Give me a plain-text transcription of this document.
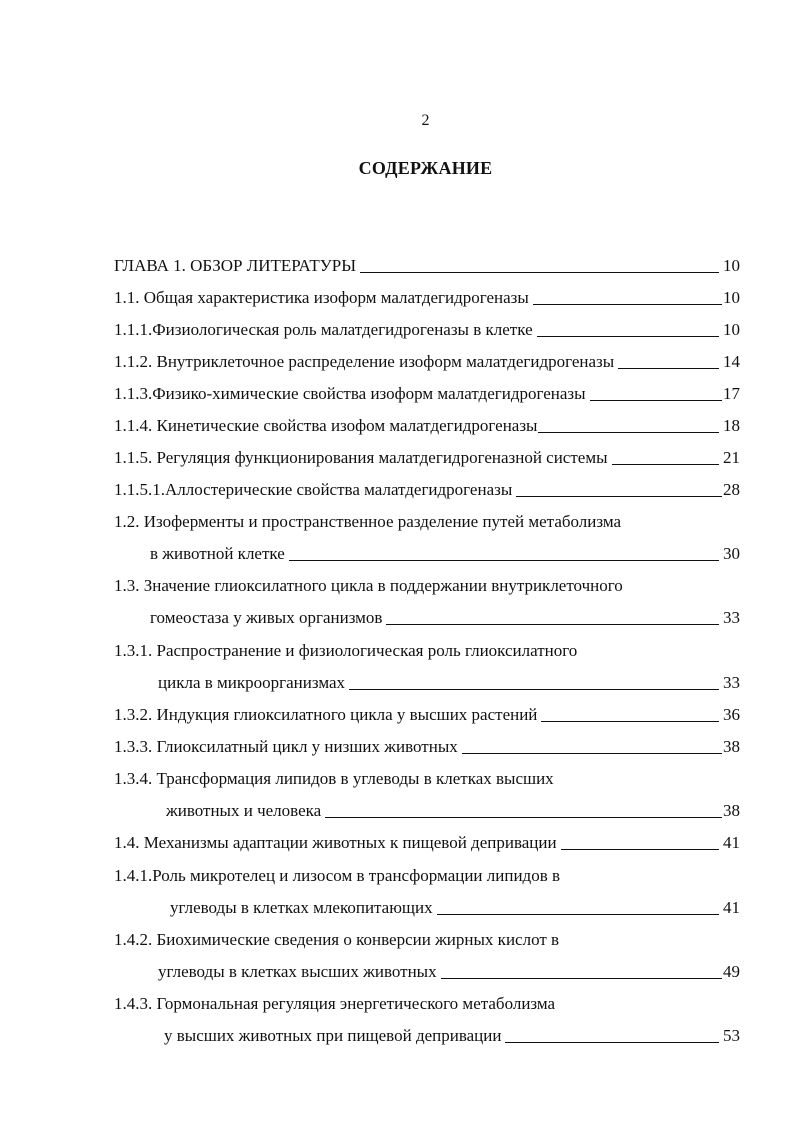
2
СОДЕРЖАНИЕ
ГЛАВА 1. ОБЗОР ЛИТЕРАТУРЫ	10
1.1. Общая характеристика изоформ малатдегидрогеназы	10
1.1.1.Физиологическая роль малатдегидрогеназы в клетке	10
1.1.2. Внутриклеточное распределение изоформ малатдегидрогеназы	14
1.1.3.Физико-химические свойства изоформ малатдегидрогеназы	17
1.1.4. Кинетические свойства изофом малатдегидрогеназы	18
1.1.5. Регуляция функционирования малатдегидрогеназной системы	21
1.1.5.1.Аллостерические свойства малатдегидрогеназы	28
1.2. Изоферменты и пространственное разделение путей метаболизма
в животной клетке	30
1.3. Значение глиоксилатного цикла в поддержании внутриклеточного
гомеостаза у живых организмов	33
1.3.1. Распространение и физиологическая роль глиоксилатного
цикла в микроорганизмах	33
1.3.2. Индукция глиоксилатного цикла у высших растений	36
1.3.3. Глиоксилатный цикл у низших животных	38
1.3.4. Трансформация липидов в углеводы в клетках высших
животных и человека	38
1.4. Механизмы адаптации животных к пищевой депривации	41
1.4.1.Роль микротелец и лизосом в трансформации липидов в
углеводы в клетках млекопитающих	41
1.4.2. Биохимические сведения о конверсии жирных кислот в
углеводы в клетках высших животных	49
1.4.3. Гормональная регуляция энергетического метаболизма
у высших животных при пищевой депривации	53
